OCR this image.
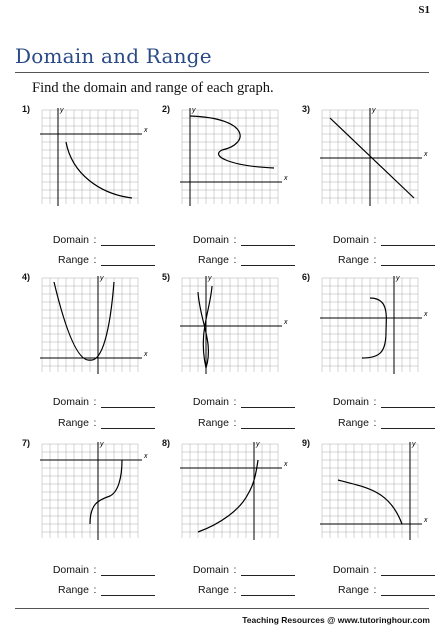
S1
Domain and Range
Find the domain and range of each graph.
1)
x
y
Domain :
Range :
2)
x
y
Domain :
Range :
3)
x
y
Domain :
Range :
4)
x
y
Domain :
Range :
5)
x
y
Domain :
Range :
6)
x
y
Domain :
Range :
7)
x
y
Domain :
Range :
8)
x
y
Domain :
Range :
9)
x
y
Domain :
Range :
Teaching Resources @ www.tutoringhour.com
